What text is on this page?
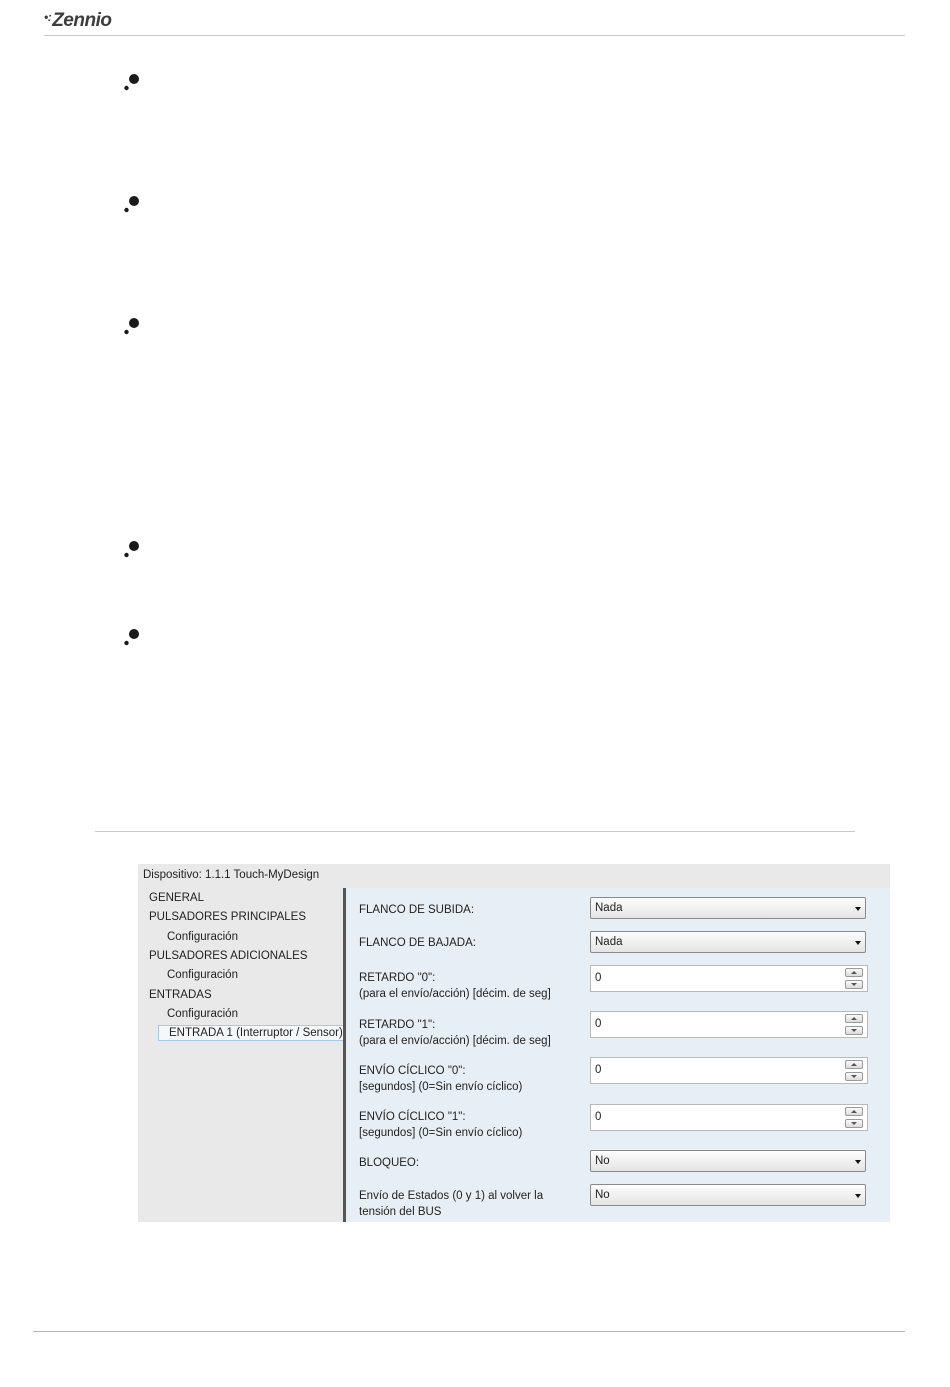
•:Zennio
Dispositivo: 1.1.1 Touch-MyDesign
GENERAL
PULSADORES PRINCIPALES
Configuración
PULSADORES ADICIONALES
Configuración
ENTRADAS
Configuración
ENTRADA 1 (Interruptor / Sensor)
FLANCO DE SUBIDA:	Nada
FLANCO DE BAJADA:	Nada
RETARDO "0":
(para el envío/acción) [décim. de seg]
0
RETARDO "1":
(para el envío/acción) [décim. de seg]
0
ENVÍO CÍCLICO "0":
[segundos] (0=Sin envío cíclico)
0
ENVÍO CÍCLICO "1":
[segundos] (0=Sin envío cíclico)
0
BLOQUEO:	No
Envío de Estados (0 y 1) al volver la
tensión del BUS
No
